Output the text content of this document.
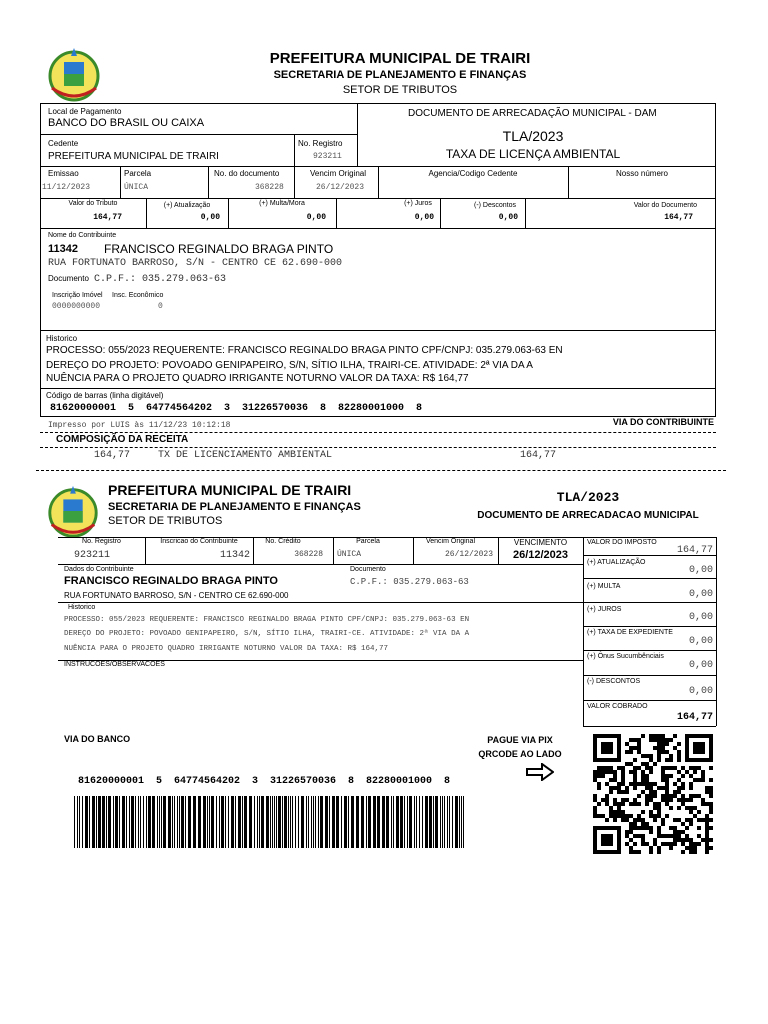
PREFEITURA MUNICIPAL DE TRAIRI
SECRETARIA DE PLANEJAMENTO E FINANÇAS
SETOR DE TRIBUTOS
Local de Pagamento
BANCO DO BRASIL OU CAIXA
DOCUMENTO DE ARRECADAÇÃO MUNICIPAL - DAM
TLA/2023
TAXA DE LICENÇA AMBIENTAL
Cedente
PREFEITURA MUNICIPAL DE TRAIRI
No. Registro
923211
Emissao
11/12/2023
Parcela
ÚNICA
No. do documento
368228
Vencim Original
26/12/2023
Agencia/Codigo Cedente	Nosso número
Valor do Tributo
164,77
(+) Atualização
0,00
(+) Multa/Mora
0,00
(+) Juros
0,00
(-) Descontos
0,00
Valor do Documento
164,77
Nome do Contribuinte
11342 FRANCISCO REGINALDO BRAGA PINTO
RUA FORTUNATO BARROSO, S/N - CENTRO CE 62.690-000
Documento C.P.F.: 035.279.063-63
Inscrição Imóvel Insc. Econômico
0000000000	0
Historico
PROCESSO: 055/2023 REQUERENTE: FRANCISCO REGINALDO BRAGA PINTO CPF/CNPJ: 035.279.063-63 EN
DEREÇO DO PROJETO: POVOADO GENIPAPEIRO, S/N, SÍTIO ILHA, TRAIRI-CE. ATIVIDADE: 2ª VIA DA A
NUÊNCIA PARA O PROJETO QUADRO IRRIGANTE NOTURNO VALOR DA TAXA: R$ 164,77
Código de barras (linha digitável)
81620000001  5  64774564202  3  31226570036  8  82280001000  8
Impresso por LUIS às 11/12/23 10:12:18	VIA DO CONTRIBUINTE
COMPOSIÇÃO DA RECEITA
164,77	TX DE LICENCIAMENTO AMBIENTAL	164,77
PREFEITURA MUNICIPAL DE TRAIRI
SECRETARIA DE PLANEJAMENTO E FINANÇAS
SETOR DE TRIBUTOS
TLA/2023
DOCUMENTO DE ARRECADACAO MUNICIPAL
No. Registro
923211
Inscricao do Contribuinte
11342
No. Crédito
368228
Parcela
ÚNICA
Vencim Original
26/12/2023
VENCIMENTO
26/12/2023
Dados do Contribuinte	Documento
FRANCISCO REGINALDO BRAGA PINTO	C.P.F.: 035.279.063-63
RUA FORTUNATO BARROSO, S/N - CENTRO CE 62.690-000
Historico
PROCESSO: 055/2023 REQUERENTE: FRANCISCO REGINALDO BRAGA PINTO CPF/CNPJ: 035.279.063-63 EN
DEREÇO DO PROJETO: POVOADO GENIPAPEIRO, S/N, SÍTIO ILHA, TRAIRI-CE. ATIVIDADE: 2ª VIA DA A
NUÊNCIA PARA O PROJETO QUADRO IRRIGANTE NOTURNO VALOR DA TAXA: R$ 164,77
INSTRUCOES/OBSERVACOES
VALOR DO IMPOSTO
164,77
(+) ATUALIZAÇÃO
0,00
(+) MULTA
0,00
(+) JUROS
0,00
(+) TAXA DE EXPEDIENTE
0,00
(+) Ônus Sucumbênciais
0,00
(-) DESCONTOS
0,00
VALOR COBRADO
164,77
VIA DO BANCO	PAGUE VIA PIX
QRCODE AO LADO
81620000001  5  64774564202  3  31226570036  8  82280001000  8
